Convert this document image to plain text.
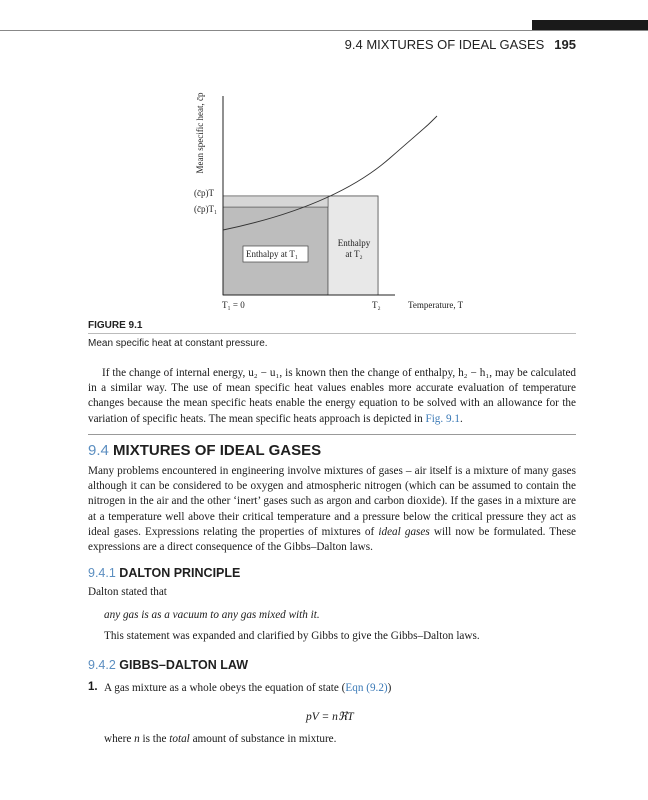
9.4 MIXTURES OF IDEAL GASES 195
Mean specific heat, c̄p
(c̄p)T
(c̄p)T₁
Enthalpy at T₁
Enthalpy
at T₂
T₁ = 0	T₂	Temperature, T
FIGURE 9.1
Mean specific heat at constant pressure.
If the change of internal energy, u₂ − u₁, is known then the change of enthalpy, h₂ − h₁, may be calculated in a similar way. The use of mean specific heat values enables more accurate evaluation of temperature changes because the mean specific heats enable the energy equation to be solved with an allowance for the variation of specific heats. The mean specific heats approach is depicted in Fig. 9.1.
9.4 MIXTURES OF IDEAL GASES
Many problems encountered in engineering involve mixtures of gases – air itself is a mixture of many gases although it can be considered to be oxygen and atmospheric nitrogen (which can be assumed to contain the nitrogen in the air and the other ‘inert’ gases such as argon and carbon dioxide). If the gases in a mixture are at a temperature well above their critical temperature and a pressure below the critical pressure they act as ideal gases. Expressions relating the properties of mixtures of ideal gases will now be formulated. These expressions are a direct consequence of the Gibbs–Dalton laws.
9.4.1 DALTON PRINCIPLE
Dalton stated that
any gas is as a vacuum to any gas mixed with it.
This statement was expanded and clarified by Gibbs to give the Gibbs–Dalton laws.
9.4.2 GIBBS–DALTON LAW
1. A gas mixture as a whole obeys the equation of state (Eqn (9.2))
pV = nℜT
where n is the total amount of substance in mixture.
